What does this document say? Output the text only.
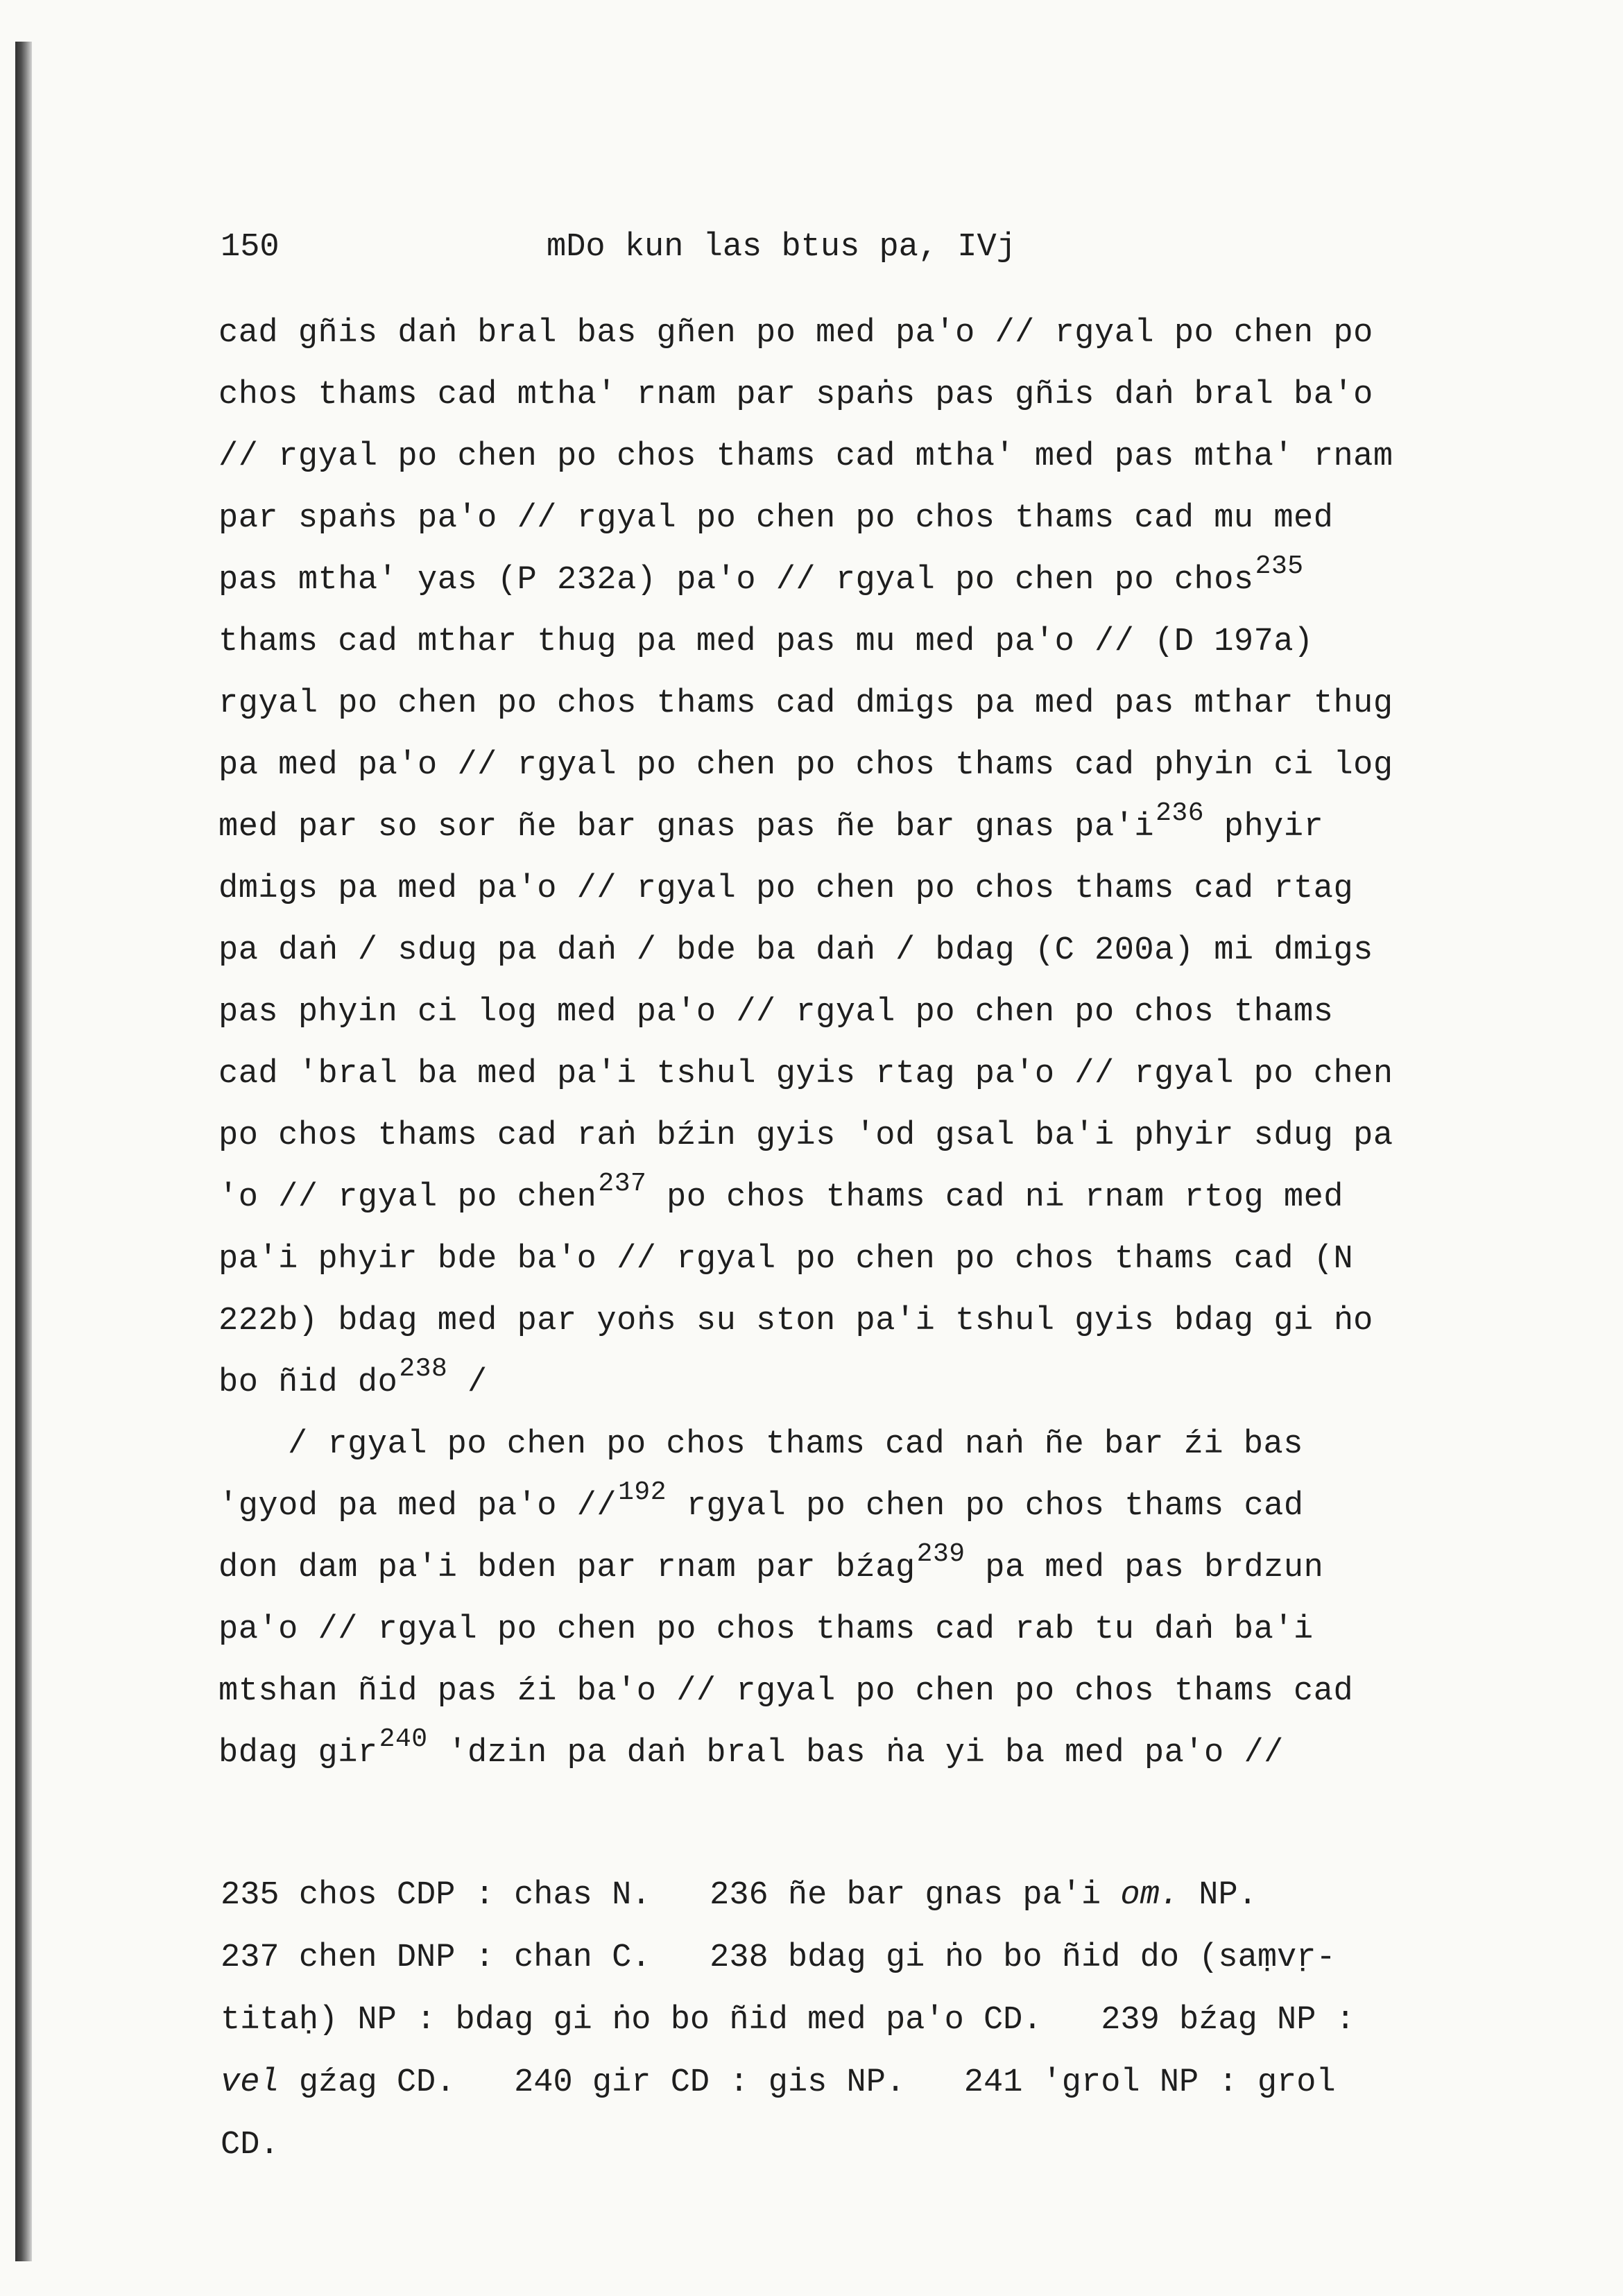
150	mDo kun las btus pa, IVj
cad gñis daṅ bral bas gñen po med pa'o // rgyal po chen po
chos thams cad mtha' rnam par spaṅs pas gñis daṅ bral ba'o
// rgyal po chen po chos thams cad mtha' med pas mtha' rnam
par spaṅs pa'o // rgyal po chen po chos thams cad mu med
pas mtha' yas (P 232a) pa'o // rgyal po chen po chos$^{235}$
thams cad mthar thug pa med pas mu med pa'o // (D 197a)
rgyal po chen po chos thams cad dmigs pa med pas mthar thug
pa med pa'o // rgyal po chen po chos thams cad phyin ci log
med par so sor ñe bar gnas pas ñe bar gnas pa'i$^{236}$ phyir
dmigs pa med pa'o // rgyal po chen po chos thams cad rtag
pa daṅ / sdug pa daṅ / bde ba daṅ / bdag (C 200a) mi dmigs
pas phyin ci log med pa'o // rgyal po chen po chos thams
cad 'bral ba med pa'i tshul gyis rtag pa'o // rgyal po chen
po chos thams cad raṅ bźin gyis 'od gsal ba'i phyir sdug pa
'o // rgyal po chen$^{237}$ po chos thams cad ni rnam rtog med
pa'i phyir bde ba'o // rgyal po chen po chos thams cad (N
222b) bdag med par yoṅs su ston pa'i tshul gyis bdag gi ṅo
bo ñid do$^{238}$ /
/ rgyal po chen po chos thams cad naṅ ñe bar źi bas
'gyod pa med pa'o //$^{192}$ rgyal po chen po chos thams cad
don dam pa'i bden par rnam par bźag$^{239}$ pa med pas brdzun
pa'o // rgyal po chen po chos thams cad rab tu daṅ ba'i
mtshan ñid pas źi ba'o // rgyal po chen po chos thams cad
bdag gir$^{240}$ 'dzin pa daṅ bral bas ṅa yi ba med pa'o //
235 chos CDP : chas N.   236 ñe bar gnas pa'i om. NP.
237 chen DNP : chan C.   238 bdag gi ṅo bo ñid do (saṃvṛ-
titaḥ) NP : bdag gi ṅo bo ñid med pa'o CD.   239 bźag NP :
vel gźag CD.   240 gir CD : gis NP.   241 'grol NP : grol
CD.
